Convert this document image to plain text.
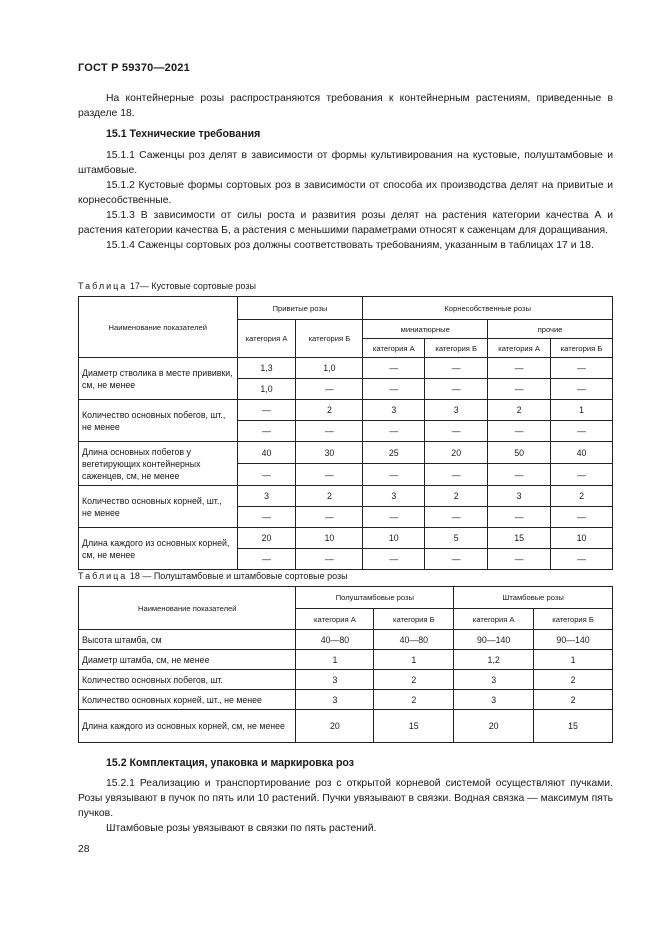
ГОСТ Р 59370—2021

На контейнерные розы распространяются требования к контейнерным растениям, приведенные в разделе 18.

15.1 Технические требования

15.1.1 Саженцы роз делят в зависимости от формы культивирования на кустовые, полуштамбовые и штамбовые.

15.1.2 Кустовые формы сортовых роз в зависимости от способа их производства делят на привитые и корнесобственные.

15.1.3 В зависимости от силы роста и развития розы делят на растения категории качества А и растения категории качества Б, а растения с меньшими параметрами относят к саженцам для доращивания.

15.1.4 Саженцы сортовых роз должны соответствовать требованиям, указанным в таблицах 17 и 18.

Таблица 17— Кустовые сортовые розы
Наименование показателей	Привитые розы		Корнесобственные розы			
	категория А	категория Б	миниатюрные		прочие	
			категория А	категория Б	категория А	категория Б
Диаметр стволика в месте прививки, см, не менее	1,3	1,0	—	—	—	—
	1,0	—	—	—	—	—
Количество основных побегов, шт., не менее	—	2	3	3	2	1
	—	—	—	—	—	—
Длина основных побегов у вегетирующих контейнерных саженцев, см, не менее	40	30	25	20	50	40
	—	—	—	—	—	—
Количество основных корней, шт., не менее	3	2	3	2	3	2
	—	—	—	—	—	—
Длина каждого из основных корней, см, не менее	20	10	10	5	15	10
	—	—	—	—	—	—
Таблица 18 — Полуштамбовые и штамбовые сортовые розы
Наименование показателей	Полуштамбовые розы		Штамбовые розы	
	категория А	категория Б	категория А	категория Б
Высота штамба, см	40—80	40—80	90—140	90—140
Диаметр штамба, см, не менее	1	1	1,2	1
Количество основных побегов, шт.	3	2	3	2
Количество основных корней, шт., не менее	3	2	3	2
Длина каждого из основных корней, см, не менее	20	15	20	15
15.2 Комплектация, упаковка и маркировка роз

15.2.1 Реализацию и транспортирование роз с открытой корневой системой осуществляют пучками. Розы увязывают в пучок по пять или 10 растений. Пучки увязывают в связки. Водная связка — максимум пять пучков.

Штамбовые розы увязывают в связки по пять растений.

28
